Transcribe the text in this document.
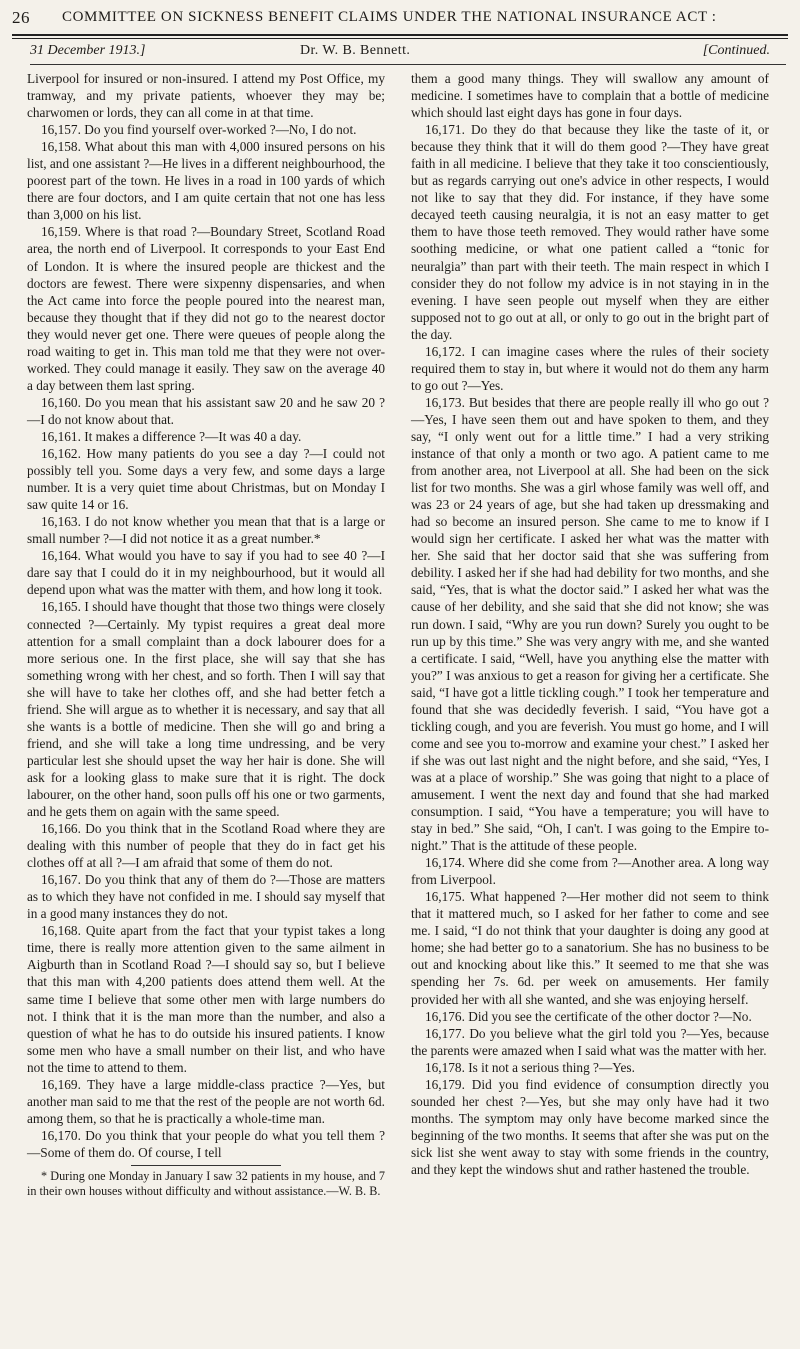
26 COMMITTEE ON SICKNESS BENEFIT CLAIMS UNDER THE NATIONAL INSURANCE ACT :
31 December 1913.]	Dr. W. B. Bennett.	[Continued.

Liverpool for insured or non-insured. I attend my Post Office, my tramway, and my private patients, whoever they may be; charwomen or lords, they can all come in at that time.

16,157. Do you find yourself over-worked ?—No, I do not.

16,158. What about this man with 4,000 insured persons on his list, and one assistant ?—He lives in a different neighbourhood, the poorest part of the town. He lives in a road in 100 yards of which there are four doctors, and I am quite certain that not one has less than 3,000 on his list.

16,159. Where is that road ?—Boundary Street, Scotland Road area, the north end of Liverpool. It corresponds to your East End of London. It is where the insured people are thickest and the doctors are fewest. There were sixpenny dispensaries, and when the Act came into force the people poured into the nearest man, because they thought that if they did not go to the nearest doctor they would never get one. There were queues of people along the road waiting to get in. This man told me that they were not over-worked. They could manage it easily. They saw on the average 40 a day between them last spring.

16,160. Do you mean that his assistant saw 20 and he saw 20 ?—I do not know about that.

16,161. It makes a difference ?—It was 40 a day.

16,162. How many patients do you see a day ?—I could not possibly tell you. Some days a very few, and some days a large number. It is a very quiet time about Christmas, but on Monday I saw quite 14 or 16.

16,163. I do not know whether you mean that that is a large or small number ?—I did not notice it as a great number.*

16,164. What would you have to say if you had to see 40 ?—I dare say that I could do it in my neighbourhood, but it would all depend upon what was the matter with them, and how long it took.

16,165. I should have thought that those two things were closely connected ?—Certainly. My typist requires a great deal more attention for a small complaint than a dock labourer does for a more serious one. In the first place, she will say that she has something wrong with her chest, and so forth. Then I will say that she will have to take her clothes off, and she had better fetch a friend. She will argue as to whether it is necessary, and say that all she wants is a bottle of medicine. Then she will go and bring a friend, and she will take a long time undressing, and be very particular lest she should upset the way her hair is done. She will ask for a looking glass to make sure that it is right. The dock labourer, on the other hand, soon pulls off his one or two garments, and he gets them on again with the same speed.

16,166. Do you think that in the Scotland Road where they are dealing with this number of people that they do in fact get his clothes off at all ?—I am afraid that some of them do not.

16,167. Do you think that any of them do ?—Those are matters as to which they have not confided in me. I should say myself that in a good many instances they do not.

16,168. Quite apart from the fact that your typist takes a long time, there is really more attention given to the same ailment in Aigburth than in Scotland Road ?—I should say so, but I believe that this man with 4,200 patients does attend them well. At the same time I believe that some other men with large numbers do not. I think that it is the man more than the number, and also a question of what he has to do outside his insured patients. I know some men who have a small number on their list, and who have not the time to attend to them.

16,169. They have a large middle-class practice ?—Yes, but another man said to me that the rest of the people are not worth 6d. among them, so that he is practically a whole-time man.

16,170. Do you think that your people do what you tell them ?—Some of them do. Of course, I tell

* During one Monday in January I saw 32 patients in my house, and 7 in their own houses without difficulty and without assistance.—W. B. B.

them a good many things. They will swallow any amount of medicine. I sometimes have to complain that a bottle of medicine which should last eight days has gone in four days.

16,171. Do they do that because they like the taste of it, or because they think that it will do them good ?—They have great faith in all medicine. I believe that they take it too conscientiously, but as regards carrying out one's advice in other respects, I would not like to say that they did. For instance, if they have some decayed teeth causing neuralgia, it is not an easy matter to get them to have those teeth removed. They would rather have some soothing medicine, or what one patient called a “tonic for neuralgia” than part with their teeth. The main respect in which I consider they do not follow my advice is in not staying in in the evening. I have seen people out myself when they are either supposed not to go out at all, or only to go out in the bright part of the day.

16,172. I can imagine cases where the rules of their society required them to stay in, but where it would not do them any harm to go out ?—Yes.

16,173. But besides that there are people really ill who go out ?—Yes, I have seen them out and have spoken to them, and they say, “I only went out for a little time.” I had a very striking instance of that only a month or two ago. A patient came to me from another area, not Liverpool at all. She had been on the sick list for two months. She was a girl whose family was well off, and was 23 or 24 years of age, but she had taken up dressmaking and had so become an insured person. She came to me to know if I would sign her certificate. I asked her what was the matter with her. She said that her doctor said that she was suffering from debility. I asked her if she had had debility for two months, and she said, “Yes, that is what the doctor said.” I asked her what was the cause of her debility, and she said that she did not know; she was run down. I said, “Why are you run down? Surely you ought to be run up by this time.” She was very angry with me, and she wanted a certificate. I said, “Well, have you anything else the matter with you?” I was anxious to get a reason for giving her a certificate. She said, “I have got a little tickling cough.” I took her temperature and found that she was decidedly feverish. I said, “You have got a tickling cough, and you are feverish. You must go home, and I will come and see you to-morrow and examine your chest.” I asked her if she was out last night and the night before, and she said, “Yes, I was at a place of worship.” She was going that night to a place of amusement. I went the next day and found that she had marked consumption. I said, “You have a temperature; you will have to stay in bed.” She said, “Oh, I can't. I was going to the Empire to-night.” That is the attitude of these people.

16,174. Where did she come from ?—Another area. A long way from Liverpool.

16,175. What happened ?—Her mother did not seem to think that it mattered much, so I asked for her father to come and see me. I said, “I do not think that your daughter is doing any good at home; she had better go to a sanatorium. She has no business to be out and knocking about like this.” It seemed to me that she was spending her 7s. 6d. per week on amusements. Her family provided her with all she wanted, and she was enjoying herself.

16,176. Did you see the certificate of the other doctor ?—No.

16,177. Do you believe what the girl told you ?—Yes, because the parents were amazed when I said what was the matter with her.

16,178. Is it not a serious thing ?—Yes.

16,179. Did you find evidence of consumption directly you sounded her chest ?—Yes, but she may only have had it two months. The symptom may only have become marked since the beginning of the two months. It seems that after she was put on the sick list she went away to stay with some friends in the country, and they kept the windows shut and rather hastened the trouble.
